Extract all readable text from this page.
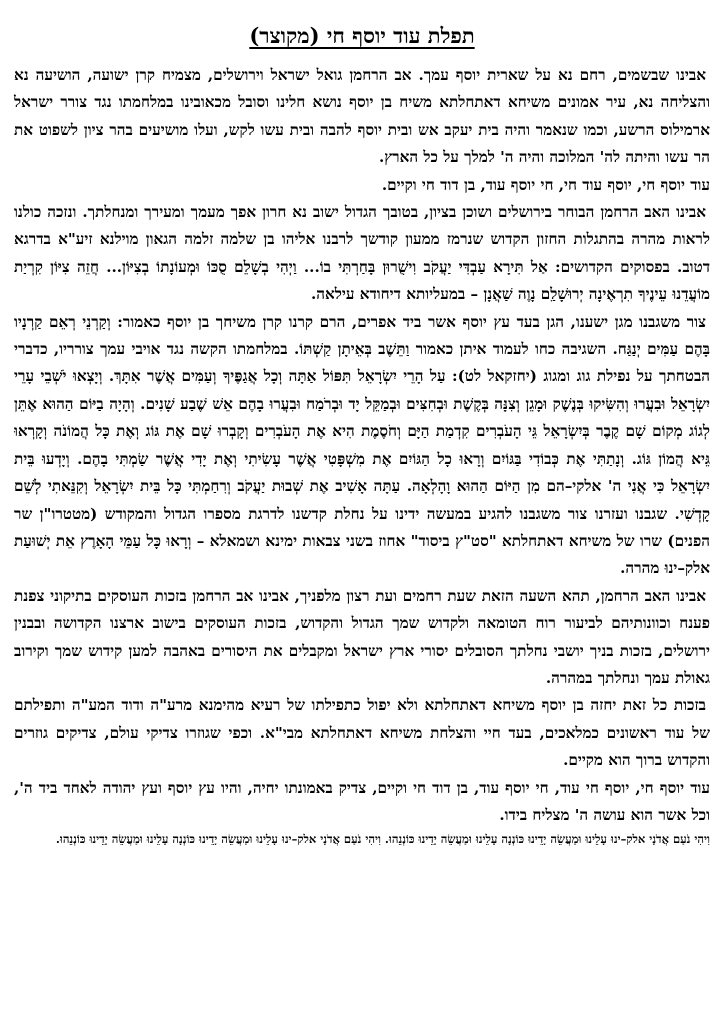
תפלת עוד יוסף חי (מקוצר)

אבינו שבשמים, רחם נא על שארית יוסף עמך. אב הרחמן גואל ישראל וירושלים, מצמיח קרן ישועה, הושיעה נא והצליחה נא, עיר אמונים משיחא דאתחלתא משיח בן יוסף נושא חלינו וסובל מכאובינו במלחמתו נגד צורר ישראל ארמילוס הרשע, וכמו שנאמר והיה בית יעקב אש ובית יוסף להבה ובית עשו לקש, ועלו מושיעים בהר ציון לשפוט את הר עשו והיתה לה' המלוכה והיה ה' למלך על כל הארץ.

עוד יוסף חי, יוסף עוד חי, חי יוסף עוד, בן דוד חי וקיים.

אבינו האב הרחמן הבוחר בירושלים ושוכן בציון, בטובך הגדול ישוב נא חרון אפך מעמך ומעירך ומנחלתך. ונזכה כולנו לראות מהרה בהתגלות החזון הקדוש שנרמז ממעון קודשך לרבנו אליהו בן שלמה זלמה הגאון מוילנא זיע"א בדרגא דטוב. בפסוקים הקדושים: אַל תִּירָא עַבְדִּי יַעֲקֹב וִישֻׁרוּן בָּחַרְתִּי בוֹ... וַיְהִי בְשָׁלֵם סֻכּוֹ וּמְעוֹנָתוֹ בְצִיּוֹן... חֲזֵה צִיּוֹן קִרְיַת מוֹעֲדֵנוּ עֵינֶיךָ תִרְאֶינָה יְרוּשָׁלִַם נָוֶה שַׁאֲנָן – במעליותא דיחודא עילאה.

צור משגבנו מגן ישענו, הגן בעד עץ יוסף אשר ביד אפרים, הרם קרנו קרן משיחך בן יוסף כאמור: וְקַרְנֵי רְאֵם קַרְנָיו בָּהֶם עַמִּים יְנַגַּח. השגיבה כחו לעמוד איתן כאמור וַתֵּשֶׁב בְּאֵיתָן קַשְׁתּוֹ. במלחמתו הקשה נגד אויבי עמך צורריו, כדברי הבטחתך על נפילת גוג ומגוג (יחזקאל לט): עַל הָרֵי יִשְׂרָאֵל תִּפּוֹל אַתָּה וְכָל אֲגַפֶּיךָ וְעַמִּים אֲשֶׁר אִתָּךְ. וְיָצְאוּ יֹשְׁבֵי עָרֵי יִשְׂרָאֵל וּבִעֲרוּ וְהִשִּׂיקוּ בְּנֶשֶׁק וּמָגֵן וְצִנָּה בְּקֶשֶׁת וּבְחִצִּים וּבְמַקֵּל יָד וּבְרֹמַח וּבִעֲרוּ בָהֶם אֵשׁ שֶׁבַע שָׁנִים. וְהָיָה בַיּוֹם הַהוּא אֶתֵּן לְגוֹג מְקוֹם שָׁם קֶבֶר בְּיִשְׂרָאֵל גֵּי הָעֹבְרִים קִדְמַת הַיָּם וְחֹסֶמֶת הִיא אֶת הָעֹבְרִים וְקָבְרוּ שָׁם אֶת גּוֹג וְאֶת כָּל הֲמוֹנֹה וְקָרְאוּ גֵּיא הֲמוֹן גּוֹג. וְנָתַתִּי אֶת כְּבוֹדִי בַּגּוֹיִם וְרָאוּ כָל הַגּוֹיִם אֶת מִשְׁפָּטִי אֲשֶׁר עָשִׂיתִי וְאֶת יָדִי אֲשֶׁר שַׂמְתִּי בָהֶם. וְיָדְעוּ בֵּית יִשְׂרָאֵל כִּי אֲנִי ה' אלקי–הם מִן הַיּוֹם הַהוּא וָהָלְאָה. עַתָּה אָשִׁיב אֶת שְׁבוּת יַעֲקֹב וְרִחַמְתִּי כָּל בֵּית יִשְׂרָאֵל וְקִנֵּאתִי לְשֵׁם קָדְשִׁי. שגבנו ועזרנו צור משגבנו להגיע במעשה ידינו על נחלת קדשנו לדרגת מספרו הגדול והמקודש (מטטרו"ן שר הפנים) שרו של משיחא דאתחלתא "סט"ץ ביסוד" אחוז בשני צבאות ימינא ושמאלא – וְרָאוּ כָּל עַמֵּי הָאָרֶץ אֵת יְשׁוּעַת אלק–ינוּ מהרה.

אבינו האב הרחמן, תהא השעה הזאת שעת רחמים ועת רצון מלפניך, אבינו אב הרחמן בזכות העוסקים בתיקוני צפנת פענח וכוונותיהם לביעור רוח הטומאה ולקדוש שמך הגדול והקדוש, בזכות העוסקים בישוב ארצנו הקדושה ובבנין ירושלים, בזכות בניך יושבי נחלתך הסובלים יסורי ארץ ישראל ומקבלים את היסורים באהבה למען קידוש שמך וקירוב גאולת עמך ונחלתך במהרה.

בזכות כל זאת יחזה בן יוסף משיחא דאתחלתא ולא יפול כתפילתו של רעיא מהימנא מרע"ה ודוד המע"ה ותפילתם של עוד ראשונים כמלאכים, בעד חיי והצלחת משיחא דאתחלתא מבי"א. וכפי שגוזרו צדיקי עולם, צדיקים גוזרים והקדוש ברוך הוא מקיים.

עוד יוסף חי, יוסף חי עוד, חי יוסף עוד, בן דוד חי וקיים, צדיק באמונתו יחיה, והיו עץ יוסף ועץ יהודה לאחד ביד ה', וכל אשר הוא עושה ה' מצליח בידו.

וִיהִי נֹעַם אֲדֹנָי אלק–ינוּ עָלֵינוּ וּמַעֲשֵׂה יָדֵינוּ כּוֹנְנָה עָלֵינוּ וּמַעֲשֵׂה יָדֵינוּ כּוֹנְנֵהוּ. וִיהִי נֹעַם אֲדֹנָי אלק–ינוּ עָלֵינוּ וּמַעֲשֵׂה יָדֵינוּ כּוֹנְנָה עָלֵינוּ וּמַעֲשֵׂה יָדֵינוּ כּוֹנְנֵהוּ.
